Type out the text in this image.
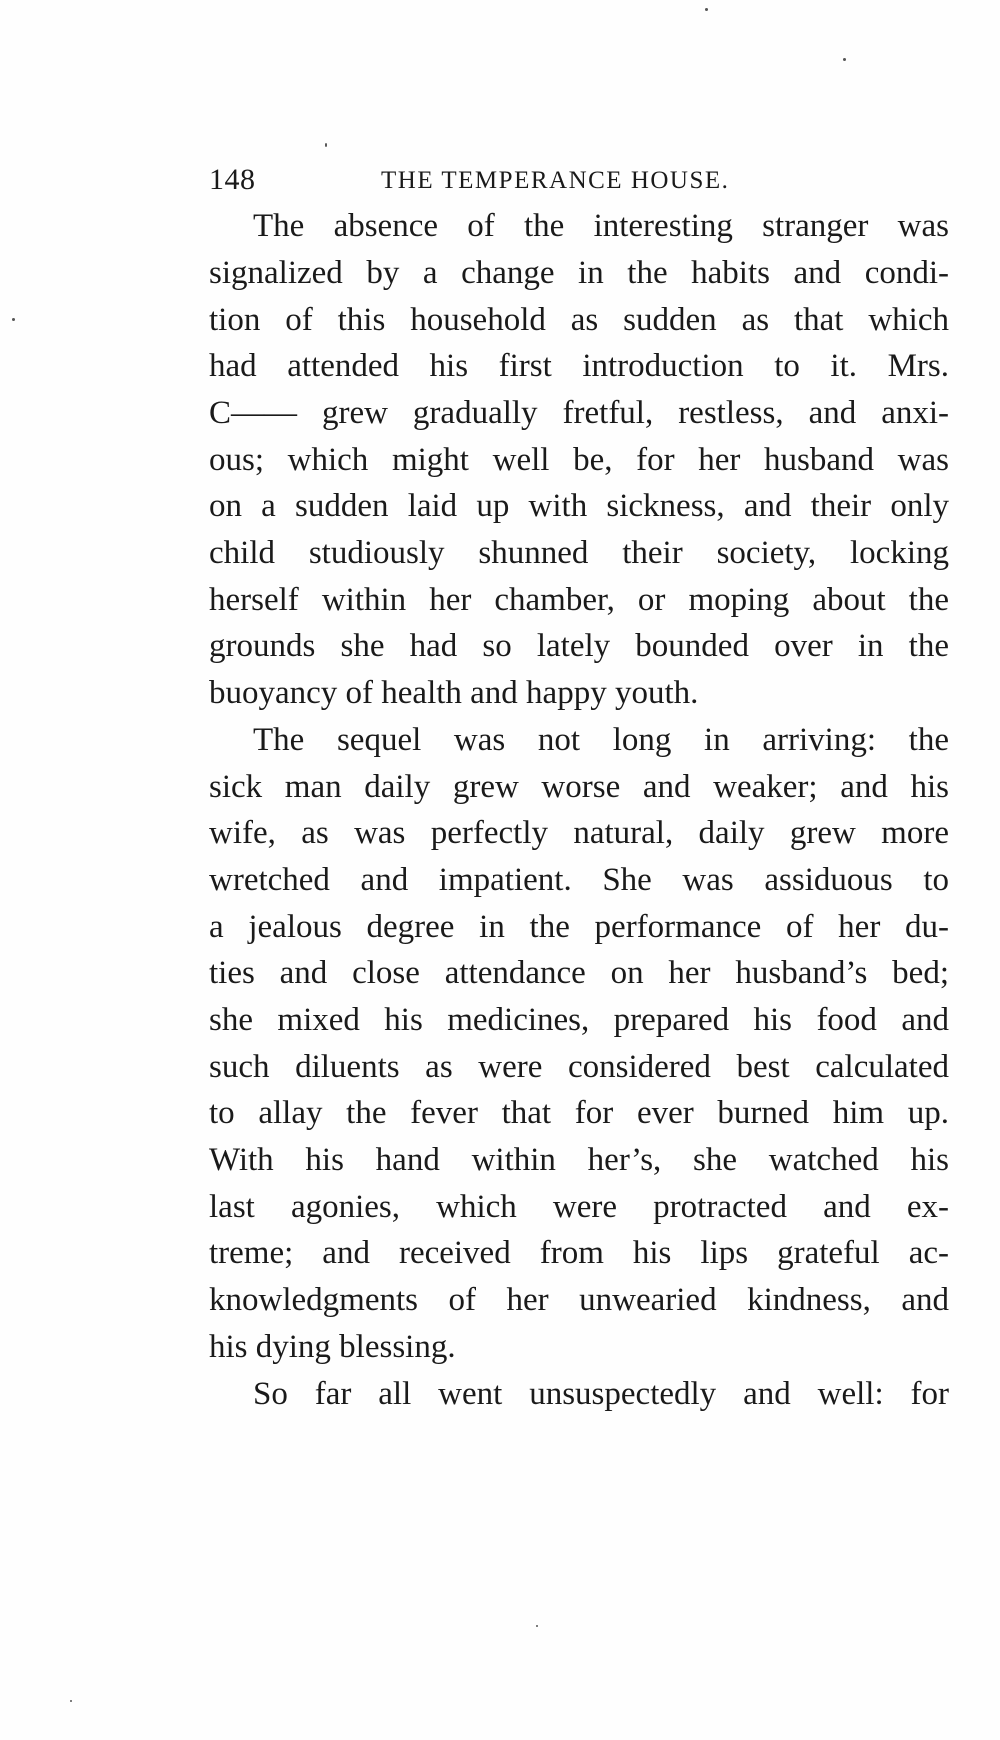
148	THE TEMPERANCE HOUSE.
The absence of the interesting stranger was
signalized by a change in the habits and condi-
tion of this household as sudden as that which
had attended his first introduction to it. Mrs.
C—— grew gradually fretful, restless, and anxi-
ous; which might well be, for her husband was
on a sudden laid up with sickness, and their only
child studiously shunned their society, locking
herself within her chamber, or moping about the
grounds she had so lately bounded over in the
buoyancy of health and happy youth.
The sequel was not long in arriving: the
sick man daily grew worse and weaker; and his
wife, as was perfectly natural, daily grew more
wretched and impatient. She was assiduous to
a jealous degree in the performance of her du-
ties and close attendance on her husband’s bed;
she mixed his medicines, prepared his food and
such diluents as were considered best calculated
to allay the fever that for ever burned him up.
With his hand within her’s, she watched his
last agonies, which were protracted and ex-
treme; and received from his lips grateful ac-
knowledgments of her unwearied kindness, and
his dying blessing.
So far all went unsuspectedly and well: for
